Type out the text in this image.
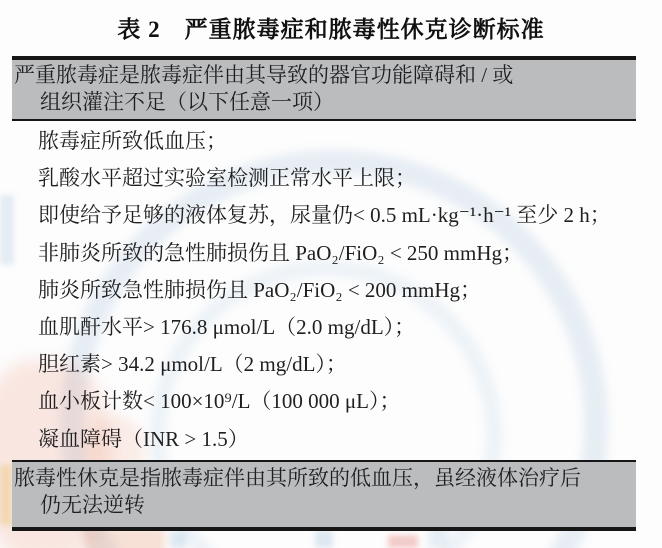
表 2　严重脓毒症和脓毒性休克诊断标准
严重脓毒症是脓毒症伴由其导致的器官功能障碍和 / 或
组织灌注不足（以下任意一项）
脓毒症所致低血压；
乳酸水平超过实验室检测正常水平上限；
即使给予足够的液体复苏，尿量仍< 0.5 mL·kg⁻¹·h⁻¹ 至少 2 h；
非肺炎所致的急性肺损伤且 PaO₂/FiO₂ < 250 mmHg；
肺炎所致急性肺损伤且 PaO₂/FiO₂ < 200 mmHg；
血肌酐水平> 176.8 μmol/L（2.0 mg/dL）；
胆红素> 34.2 μmol/L（2 mg/dL）；
血小板计数< 100×10⁹/L（100 000 μL）；
凝血障碍（INR > 1.5）
脓毒性休克是指脓毒症伴由其所致的低血压，虽经液体治疗后
仍无法逆转
